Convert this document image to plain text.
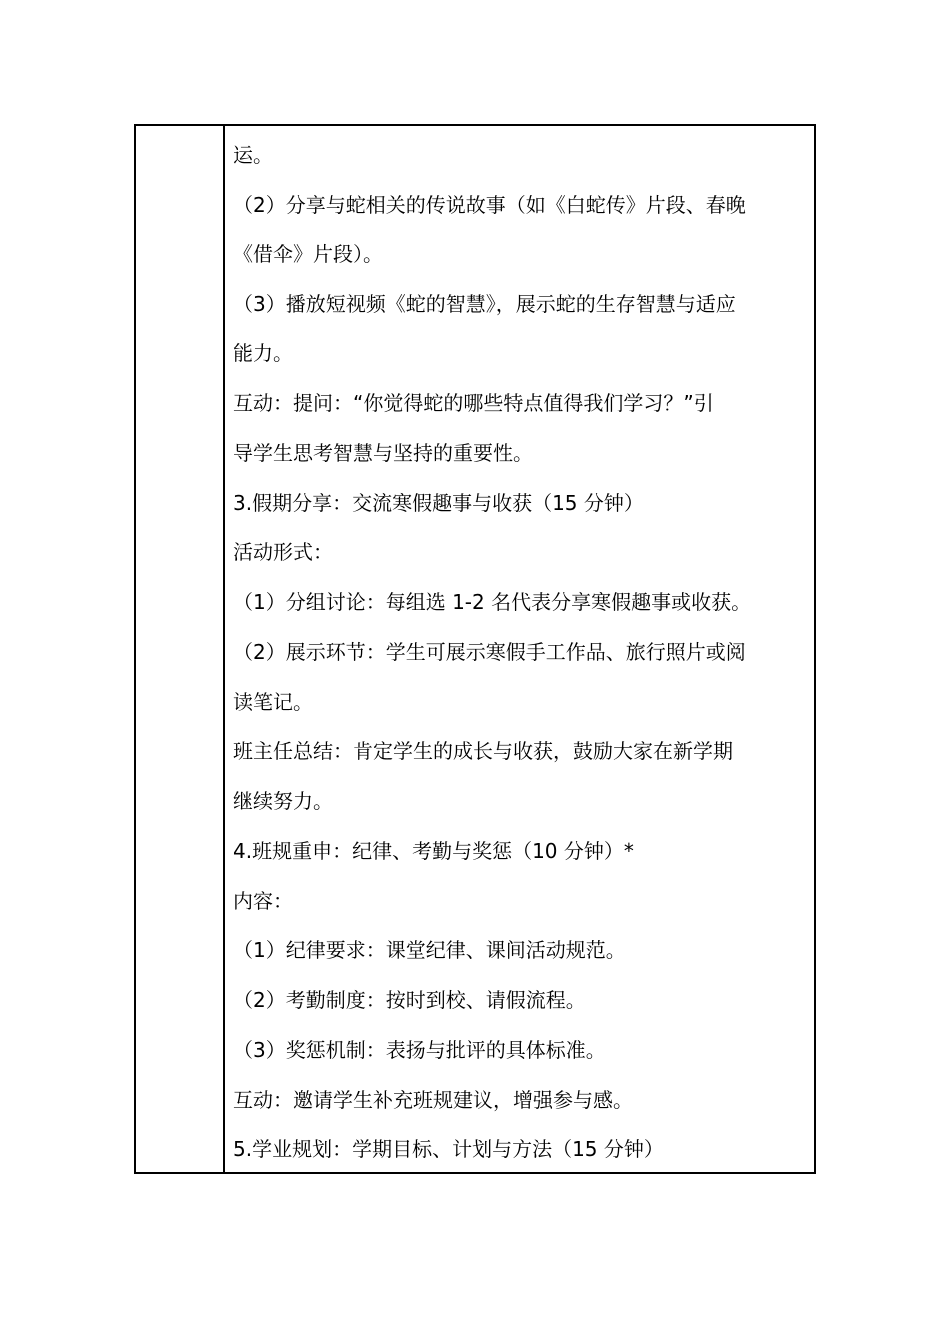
运。
（2）分享与蛇相关的传说故事（如《白蛇传》片段、春晚
《借伞》片段）。
（3）播放短视频《蛇的智慧》，展示蛇的生存智慧与适应
能力。
互动：提问：“你觉得蛇的哪些特点值得我们学习？”引
导学生思考智慧与坚持的重要性。
3.假期分享：交流寒假趣事与收获（15 分钟）
活动形式：
（1）分组讨论：每组选 1-2 名代表分享寒假趣事或收获。
（2）展示环节：学生可展示寒假手工作品、旅行照片或阅
读笔记。
班主任总结：肯定学生的成长与收获，鼓励大家在新学期
继续努力。
4.班规重申：纪律、考勤与奖惩（10 分钟）*
内容：
（1）纪律要求：课堂纪律、课间活动规范。
（2）考勤制度：按时到校、请假流程。
（3）奖惩机制：表扬与批评的具体标准。
互动：邀请学生补充班规建议，增强参与感。
5.学业规划：学期目标、计划与方法（15 分钟）
